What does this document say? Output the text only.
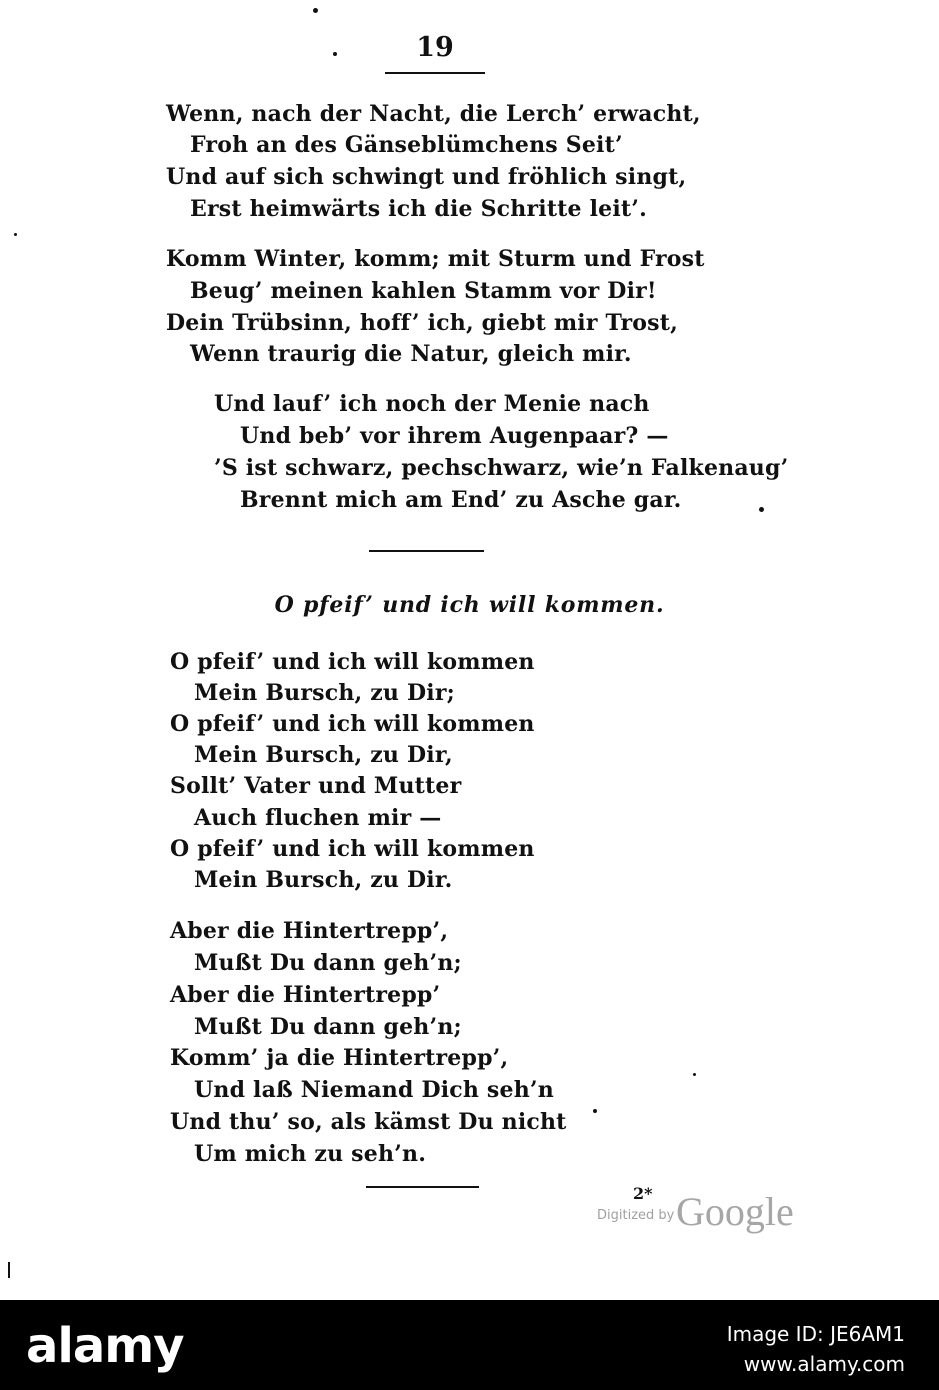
19
Wenn, nach der Nacht, die Lerch’ erwacht,
Froh an des Gänseblümchens Seit’
Und auf sich schwingt und fröhlich singt,
Erst heimwärts ich die Schritte leit’.
Komm Winter, komm; mit Sturm und Frost
Beug’ meinen kahlen Stamm vor Dir!
Dein Trübsinn, hoff’ ich, giebt mir Trost,
Wenn traurig die Natur, gleich mir.
Und lauf’ ich noch der Menie nach
Und beb’ vor ihrem Augenpaar? —
’S ist schwarz, pechschwarz, wie’n Falkenaug’
Brennt mich am End’ zu Asche gar.
O pfeif’ und ich will kommen.
O pfeif’ und ich will kommen
Mein Bursch, zu Dir;
O pfeif’ und ich will kommen
Mein Bursch, zu Dir,
Sollt’ Vater und Mutter
Auch fluchen mir —
O pfeif’ und ich will kommen
Mein Bursch, zu Dir.
Aber die Hintertrepp’,
Mußt Du dann geh’n;
Aber die Hintertrepp’
Mußt Du dann geh’n;
Komm’ ja die Hintertrepp’,
Und laß Niemand Dich seh’n
Und thu’ so, als kämst Du nicht
Um mich zu seh’n.
2*
Digitized by Google
alamy	Image ID: JE6AM1
www.alamy.com
